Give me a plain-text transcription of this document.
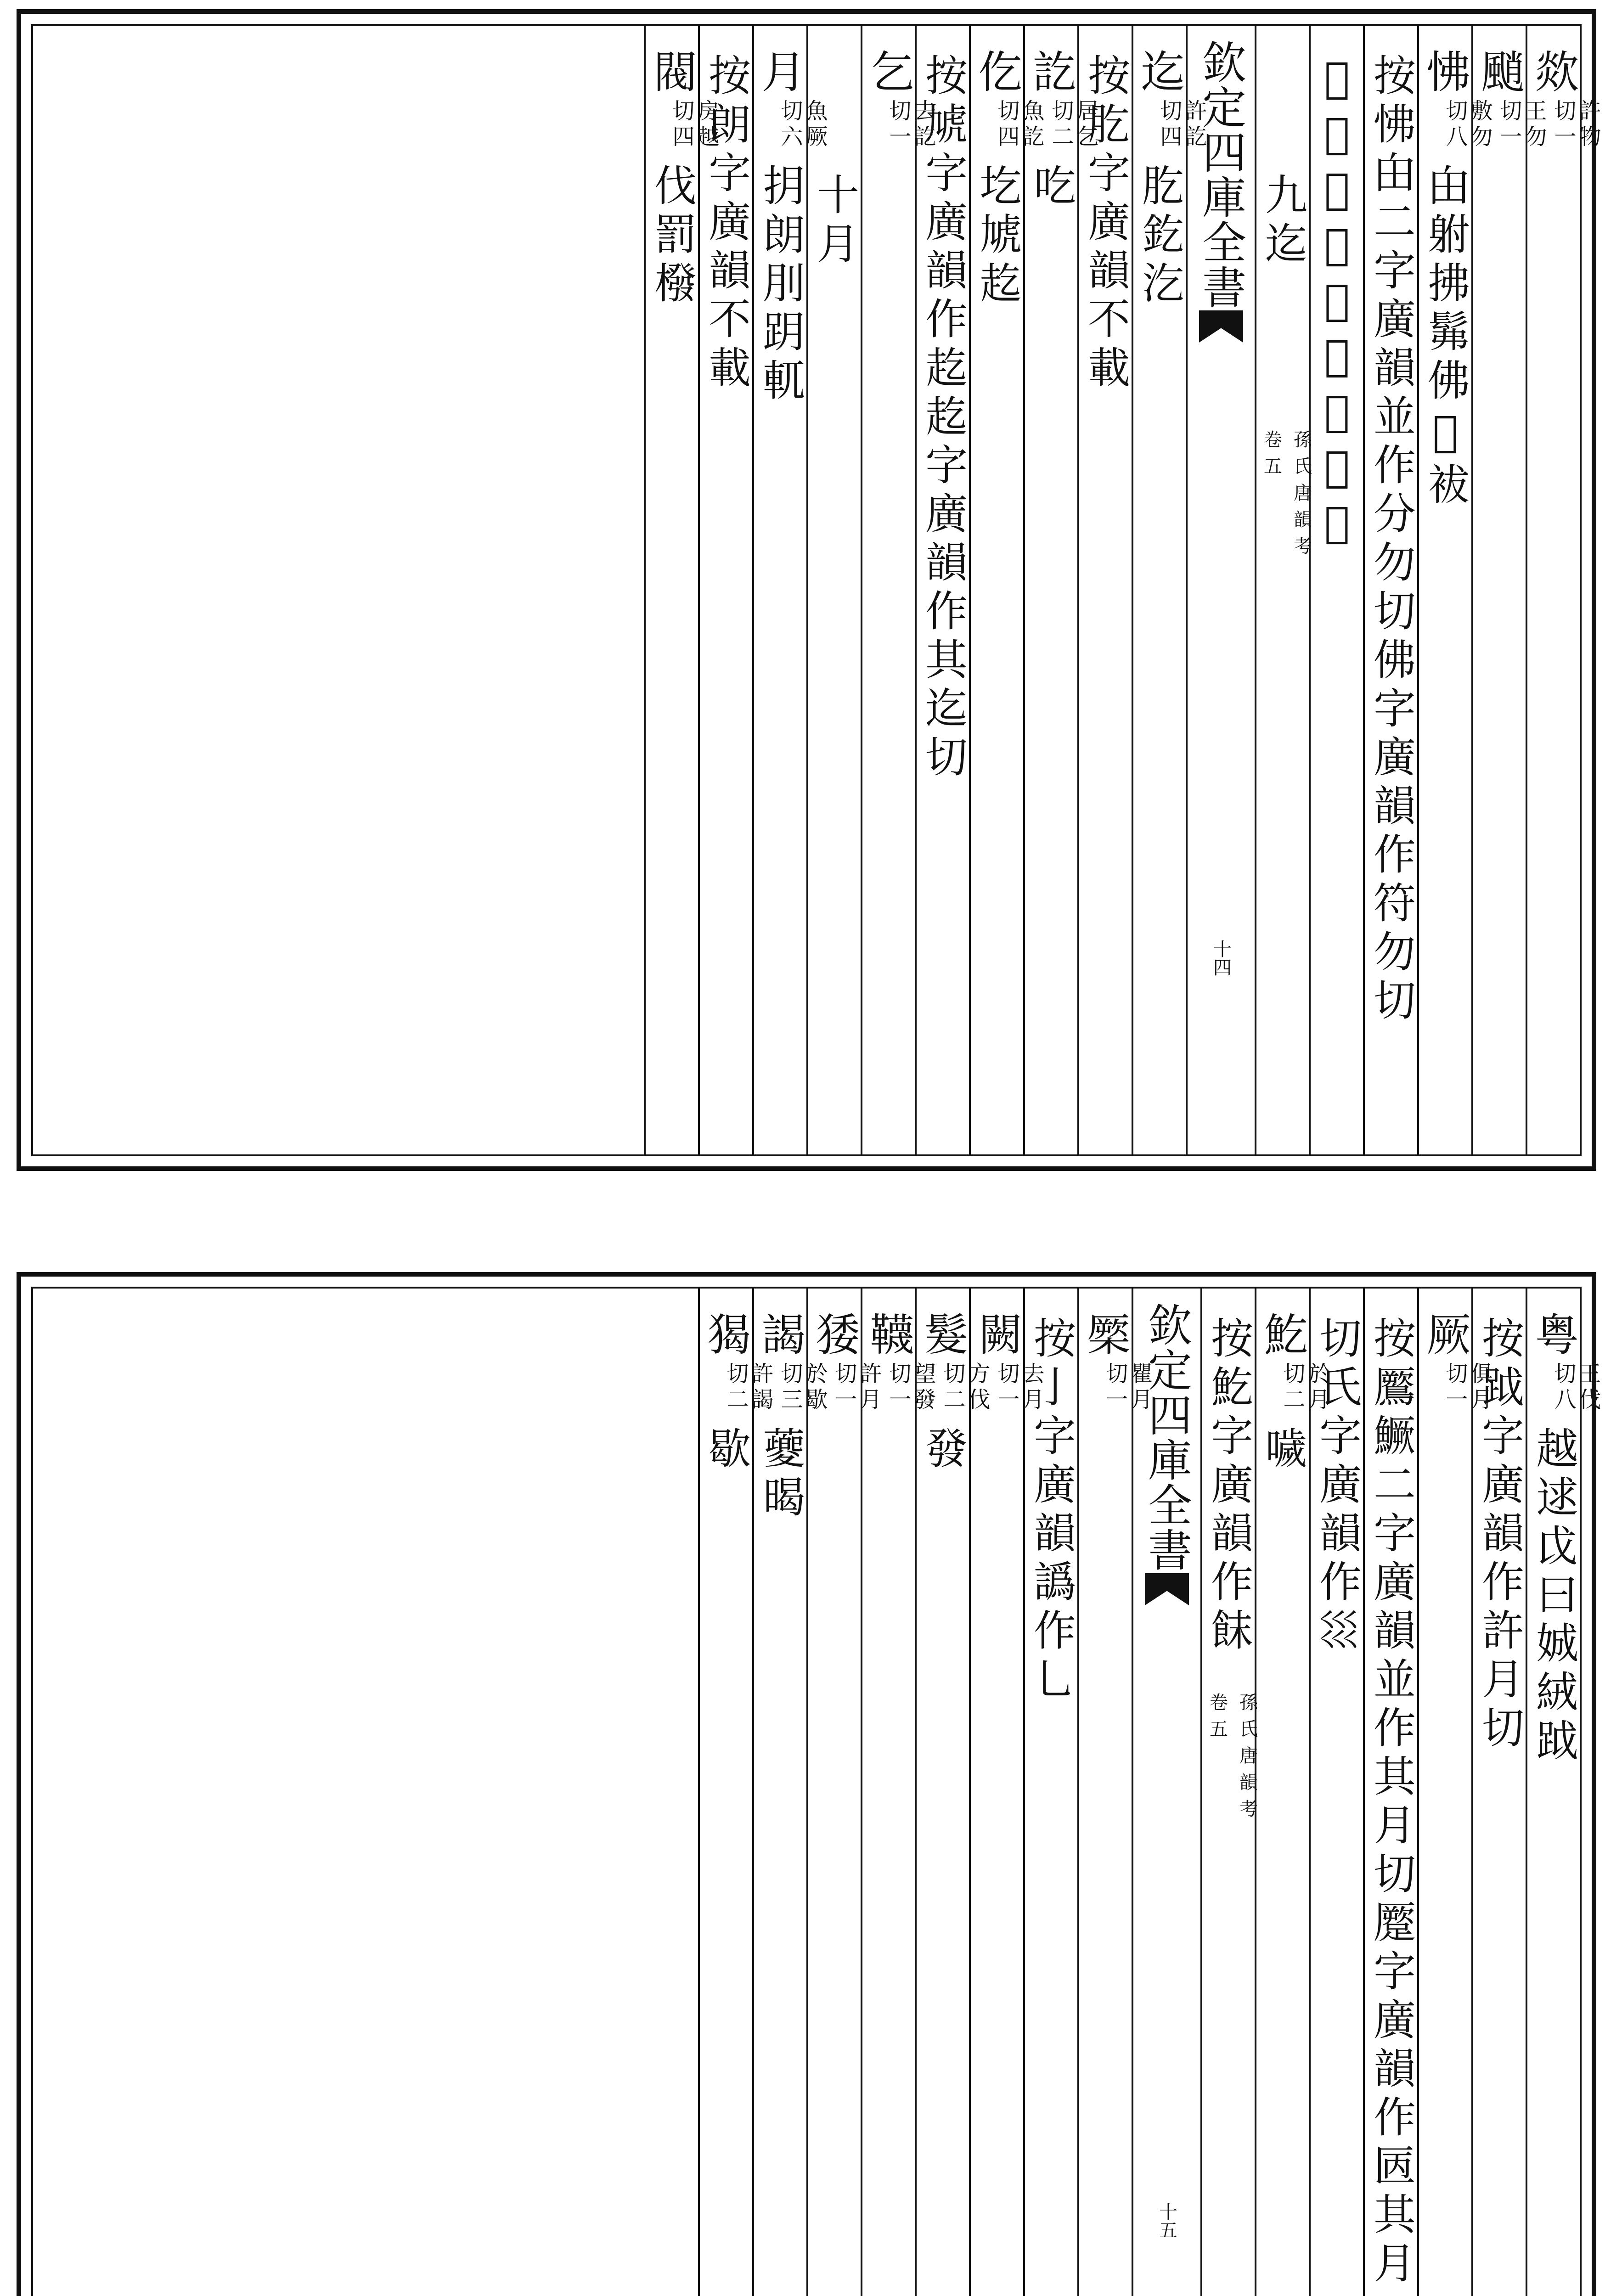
欻
許物
切一
颵
王勿
切一
怫
敷勿
切八
甶䠵拂髴佛𧼈袚
按怫甶二字廣韻並作分勿切佛字廣韻作符勿切
𧼈字廣韻作𧼈符勿切
九迄
欽定四庫全書
孫氏唐韻考
卷五
十四
迄
許訖
切四
肐釳汔
按肐字廣韻不載
訖
居乞
切二
吃
仡
魚訖
切四
圪虓䞘
按虓字廣韻作䞘䞘字廣韻作其迄切
乞
去訖
切一
十月
月
魚厥
切六
抈朗刖跀軏
按朗字廣韻不載
閥
房越
切四
伐罰橃
粤
王伐
切八
越逑戉曰娍絨䟠
按䟠字廣韻作許月切
厥
俱月
切一
按鷢鱖二字廣韻並作其月切蹷字廣韻作㔷其月
切氏字廣韻作𡿭
䰴
於月
切二
噦
按䰴字廣韻作䬴
欽定四庫全書
孫氏唐韻考
卷五
十五
橜
瞿月
切一
按亅字廣韻譌作乚
闕
去月
切一
髮
方伐
切二
發
韈
望發
切一
㹻
許月
切一
謁
於歇
切三
䕫暍
猲
許謁
切二
歇
